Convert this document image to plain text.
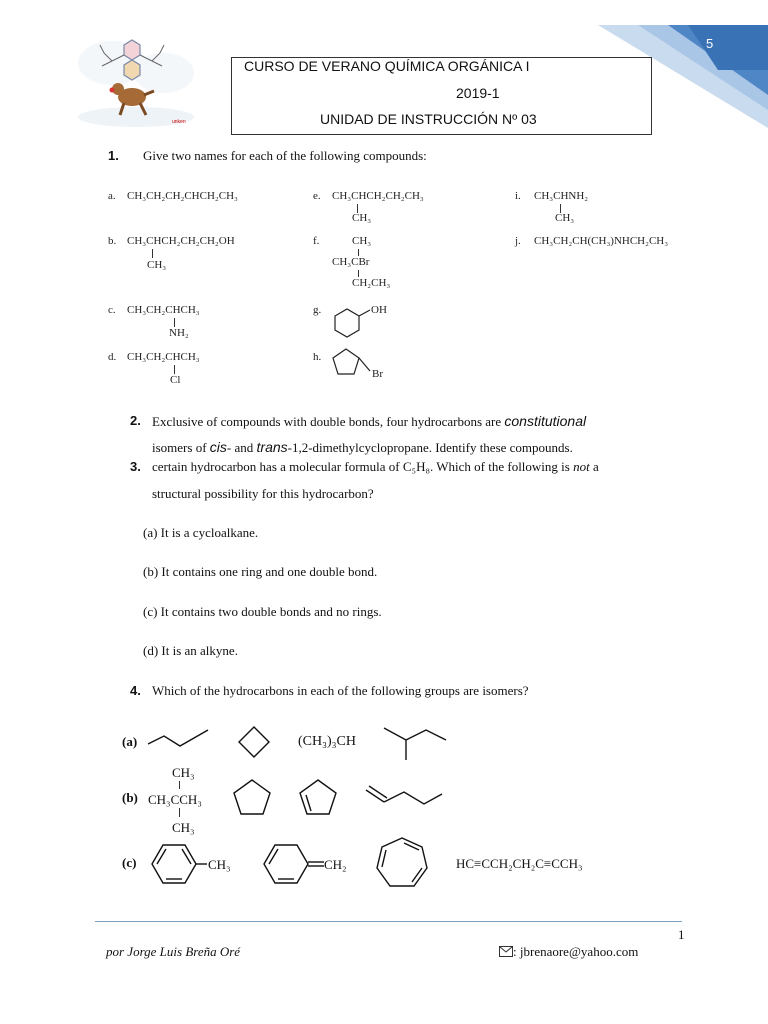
5
unken
CURSO DE VERANO QUÍMICA ORGÁNICA I
2019-1
UNIDAD DE INSTRUCCIÓN Nº 03
1. Give two names for each of the following compounds:
a. CH₃CH₂CH₂CHCH₂CH₃
b. CH₃CHCH₂CH₂CH₂OH
CH₃
c. CH₃CH₂CHCH₃
NH₂
d. CH₃CH₂CHCH₃
Cl
e. CH₃CHCH₂CH₂CH₃
CH₃
f.	CH₃
CH₃CBr
CH₂CH₃
g.	OH
h.
Br
i. CH₃CHNH₂
CH₃
j. CH₃CH₂CH(CH₃)NHCH₂CH₃
2. Exclusive of compounds with double bonds, four hydrocarbons are constitutional
isomers of cis- and trans-1,2-dimethylcyclopropane. Identify these compounds.
3. certain hydrocarbon has a molecular formula of C₅H₈. Which of the following is not a
structural possibility for this hydrocarbon?
(a) It is a cycloalkane.
(b) It contains one ring and one double bond.
(c) It contains two double bonds and no rings.
(d) It is an alkyne.
4. Which of the hydrocarbons in each of the following groups are isomers?
(a)	(CH₃)₃CH
(b)
CH₃
CH₃CCH₃
CH₃
(c)	CH₃	CH₂	HC≡CCH₂CH₂C≡CCH₃
1
por Jorge Luis Breña Oré	: jbrenaore@yahoo.com
